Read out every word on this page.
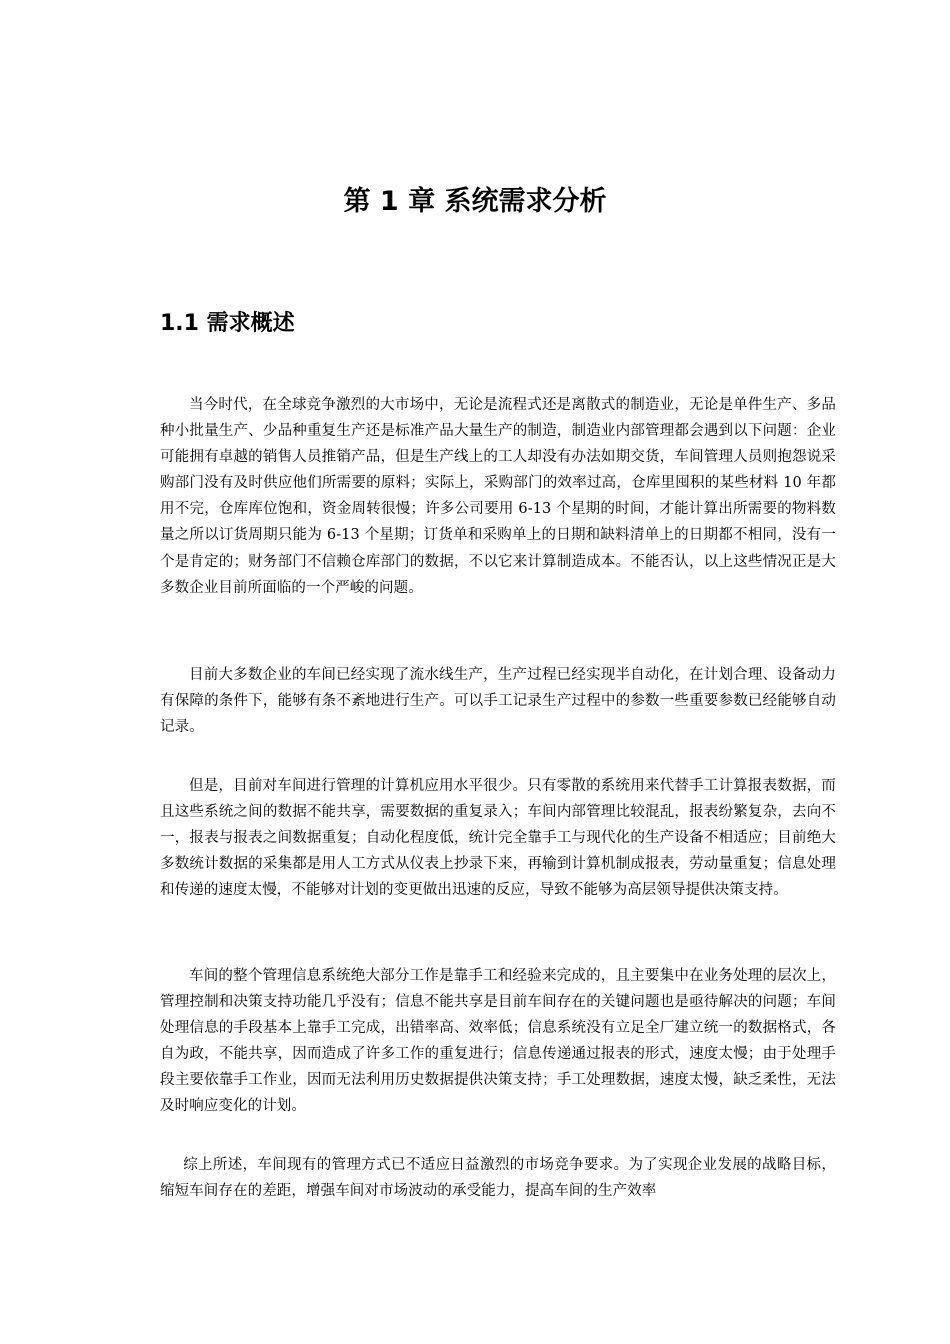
第 1 章 系统需求分析
1.1 需求概述

当今时代，在全球竞争激烈的大市场中，无论是流程式还是离散式的制造业，无论是单件生产、多品种小批量生产、少品种重复生产还是标准产品大量生产的制造，制造业内部管理都会遇到以下问题：企业可能拥有卓越的销售人员推销产品，但是生产线上的工人却没有办法如期交货，车间管理人员则抱怨说采购部门没有及时供应他们所需要的原料；实际上，采购部门的效率过高，仓库里囤积的某些材料 10 年都用不完，仓库库位饱和，资金周转很慢；许多公司要用 6-13 个星期的时间，才能计算出所需要的物料数量之所以订货周期只能为 6-13 个星期；订货单和采购单上的日期和缺料清单上的日期都不相同，没有一个是肯定的；财务部门不信赖仓库部门的数据，不以它来计算制造成本。不能否认，以上这些情况正是大多数企业目前所面临的一个严峻的问题。

目前大多数企业的车间已经实现了流水线生产，生产过程已经实现半自动化，在计划合理、设备动力有保障的条件下，能够有条不紊地进行生产。可以手工记录生产过程中的参数一些重要参数已经能够自动记录。

但是，目前对车间进行管理的计算机应用水平很少。只有零散的系统用来代替手工计算报表数据，而且这些系统之间的数据不能共享，需要数据的重复录入；车间内部管理比较混乱，报表纷繁复杂，去向不一，报表与报表之间数据重复；自动化程度低，统计完全靠手工与现代化的生产设备不相适应；目前绝大多数统计数据的采集都是用人工方式从仪表上抄录下来，再输到计算机制成报表，劳动量重复；信息处理和传递的速度太慢，不能够对计划的变更做出迅速的反应，导致不能够为高层领导提供决策支持。

车间的整个管理信息系统绝大部分工作是靠手工和经验来完成的，且主要集中在业务处理的层次上，管理控制和决策支持功能几乎没有；信息不能共享是目前车间存在的关键问题也是亟待解决的问题；车间处理信息的手段基本上靠手工完成，出错率高、效率低；信息系统没有立足全厂建立统一的数据格式，各自为政，不能共享，因而造成了许多工作的重复进行；信息传递通过报表的形式，速度太慢；由于处理手段主要依靠手工作业，因而无法利用历史数据提供决策支持；手工处理数据，速度太慢，缺乏柔性，无法及时响应变化的计划。

综上所述，车间现有的管理方式已不适应日益激烈的市场竞争要求。为了实现企业发展的战略目标，缩短车间存在的差距，增强车间对市场波动的承受能力，提高车间的生产效率
